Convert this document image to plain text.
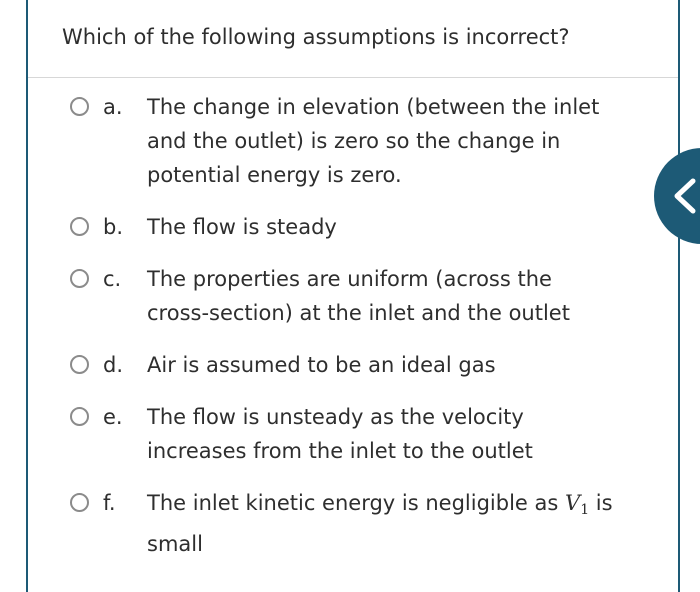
Which of the following assumptions is incorrect?
a.	The change in elevation (between the inlet
and the outlet) is zero so the change in
potential energy is zero.
b.	The flow is steady
c.	The properties are uniform (across the
cross-section) at the inlet and the outlet
d.	Air is assumed to be an ideal gas
e.	The flow is unsteady as the velocity
increases from the inlet to the outlet
f.	The inlet kinetic energy is negligible as $V_1$ is
small
